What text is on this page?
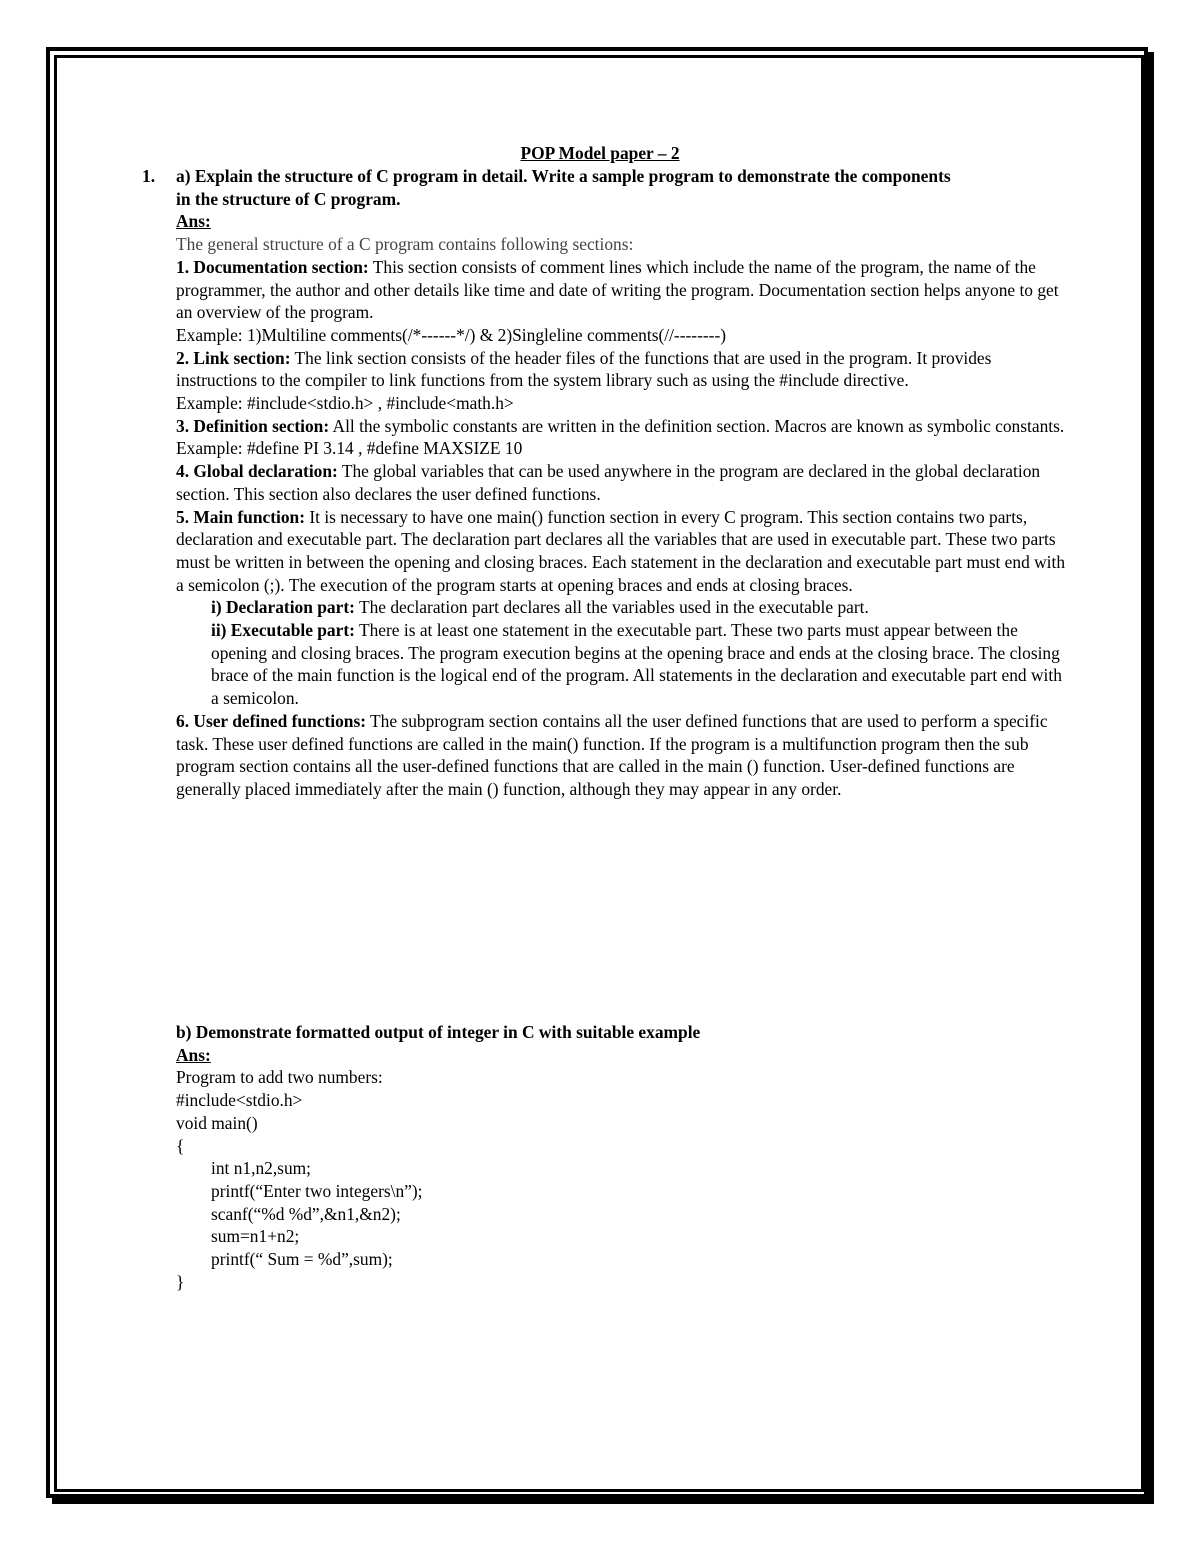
POP Model paper – 2
1. a) Explain the structure of C program in detail. Write a sample program to demonstrate the components
in the structure of C program.
Ans:
The general structure of a C program contains following sections:
1. Documentation section: This section consists of comment lines which include the name of the program, the name of the programmer, the author and other details like time and date of writing the program. Documentation section helps anyone to get an overview of the program.
Example: 1)Multiline comments(/*------*/) & 2)Singleline comments(//--------)
2. Link section: The link section consists of the header files of the functions that are used in the program. It provides instructions to the compiler to link functions from the system library such as using the #include directive.
Example: #include<stdio.h> , #include<math.h>
3. Definition section: All the symbolic constants are written in the definition section. Macros are known as symbolic constants.
Example: #define PI 3.14 , #define MAXSIZE 10
4. Global declaration: The global variables that can be used anywhere in the program are declared in the global declaration section. This section also declares the user defined functions.
5. Main function: It is necessary to have one main() function section in every C program. This section contains two parts, declaration and executable part. The declaration part declares all the variables that are used in executable part. These two parts must be written in between the opening and closing braces. Each statement in the declaration and executable part must end with a semicolon (;). The execution of the program starts at opening braces and ends at closing braces.
i) Declaration part: The declaration part declares all the variables used in the executable part.
ii) Executable part: There is at least one statement in the executable part. These two parts must appear between the opening and closing braces. The program execution begins at the opening brace and ends at the closing brace. The closing brace of the main function is the logical end of the program. All statements in the declaration and executable part end with a semicolon.
6. User defined functions: The subprogram section contains all the user defined functions that are used to perform a specific task. These user defined functions are called in the main() function. If the program is a multifunction program then the sub program section contains all the user-defined functions that are called in the main () function. User-defined functions are generally placed immediately after the main () function, although they may appear in any order.
b) Demonstrate formatted output of integer in C with suitable example
Ans:
Program to add two numbers:
#include<stdio.h>
void main()
{
int n1,n2,sum;
printf(“Enter two integers\n”);
scanf(“%d %d”,&n1,&n2);
sum=n1+n2;
printf(“ Sum = %d”,sum);
}
